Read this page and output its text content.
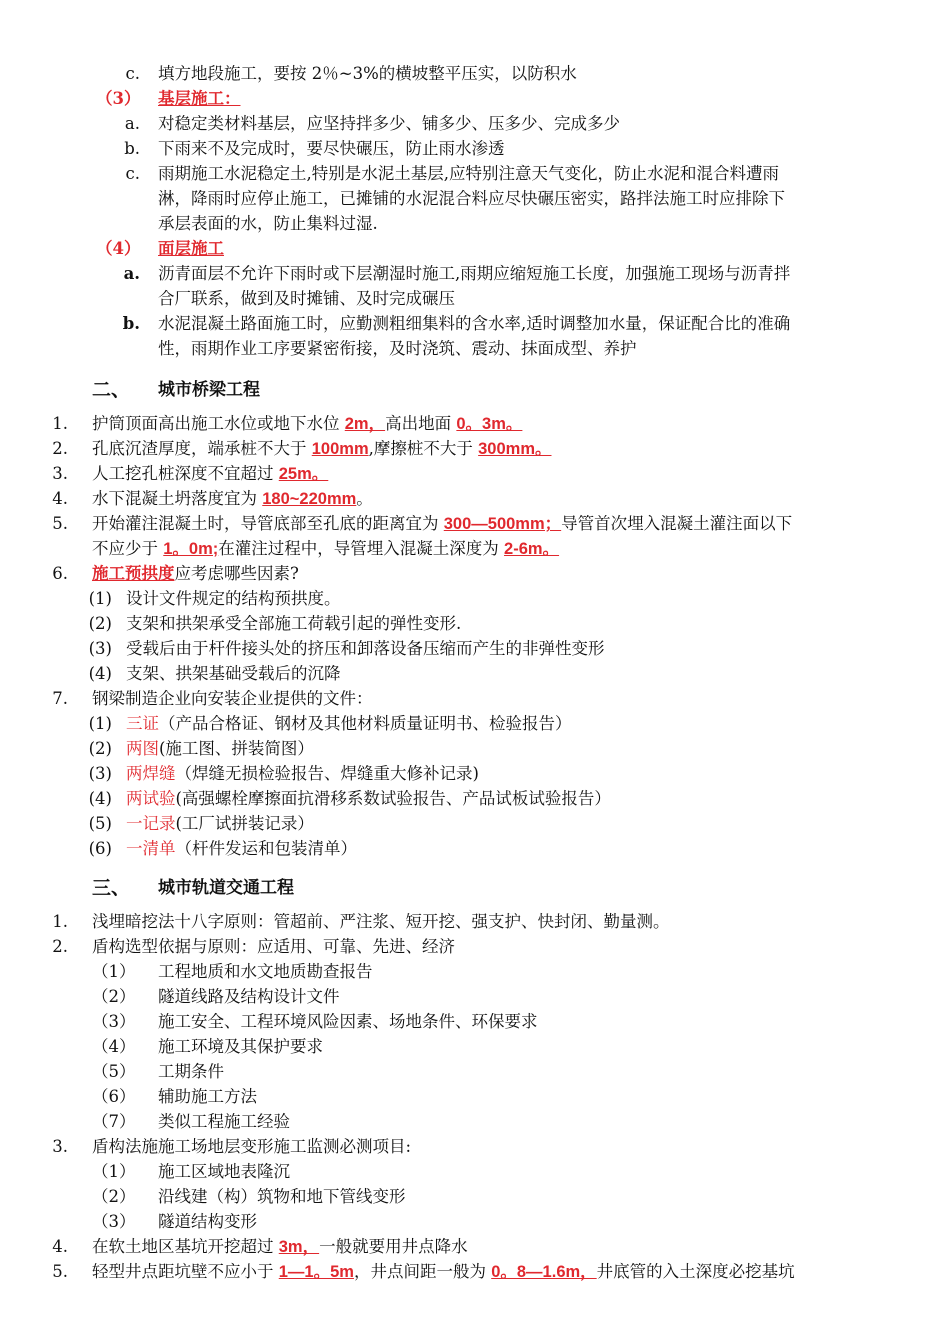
c. 填方地段施工，要按 2％~3%的横坡整平压实，以防积水
（3） 基层施工：
a. 对稳定类材料基层，应坚持拌多少、铺多少、压多少、完成多少
b. 下雨来不及完成时，要尽快碾压，防止雨水渗透
c. 雨期施工水泥稳定土,特别是水泥土基层,应特别注意天气变化，防止水泥和混合料遭雨
淋，降雨时应停止施工，已摊铺的水泥混合料应尽快碾压密实，路拌法施工时应排除下
承层表面的水，防止集料过湿.
（4） 面层施工
a. 沥青面层不允许下雨时或下层潮湿时施工,雨期应缩短施工长度，加强施工现场与沥青拌
合厂联系，做到及时摊铺、及时完成碾压
b. 水泥混凝土路面施工时，应勤测粗细集料的含水率,适时调整加水量，保证配合比的准确
性，雨期作业工序要紧密衔接，及时浇筑、震动、抹面成型、养护
二、 城市桥梁工程
1. 护筒顶面高出施工水位或地下水位 2m，高出地面 0。3m。
2. 孔底沉渣厚度，端承桩不大于 100mm,摩擦桩不大于 300mm。
3. 人工挖孔桩深度不宜超过 25m。
4. 水下混凝土坍落度宜为 180~220mm。
5. 开始灌注混凝土时，导管底部至孔底的距离宜为 300—500mm；导管首次埋入混凝土灌注面以下
不应少于 1。0m;在灌注过程中，导管埋入混凝土深度为 2-6m。
6. 施工预拱度应考虑哪些因素?
(1) 设计文件规定的结构预拱度。
(2) 支架和拱架承受全部施工荷载引起的弹性变形.
(3) 受载后由于杆件接头处的挤压和卸落设备压缩而产生的非弹性变形
(4) 支架、拱架基础受载后的沉降
7. 钢梁制造企业向安装企业提供的文件：
(1) 三证（产品合格证、钢材及其他材料质量证明书、检验报告）
(2) 两图(施工图、拼装简图）
(3) 两焊缝（焊缝无损检验报告、焊缝重大修补记录)
(4) 两试验(高强螺栓摩擦面抗滑移系数试验报告、产品试板试验报告）
(5) 一记录(工厂试拼装记录）
(6) 一清单（杆件发运和包装清单）
三、 城市轨道交通工程
1. 浅埋暗挖法十八字原则：管超前、严注浆、短开挖、强支护、快封闭、勤量测。
2. 盾构选型依据与原则：应适用、可靠、先进、经济
（1） 工程地质和水文地质勘查报告
（2） 隧道线路及结构设计文件
（3） 施工安全、工程环境风险因素、场地条件、环保要求
（4） 施工环境及其保护要求
（5） 工期条件
（6） 辅助施工方法
（7） 类似工程施工经验
3. 盾构法施施工场地层变形施工监测必测项目:
（1） 施工区域地表隆沉
（2） 沿线建（构）筑物和地下管线变形
（3） 隧道结构变形
4. 在软土地区基坑开挖超过 3m，一般就要用井点降水
5. 轻型井点距坑壁不应小于 1—1。5m，井点间距一般为 0。8—1.6m，井底管的入土深度必挖基坑
